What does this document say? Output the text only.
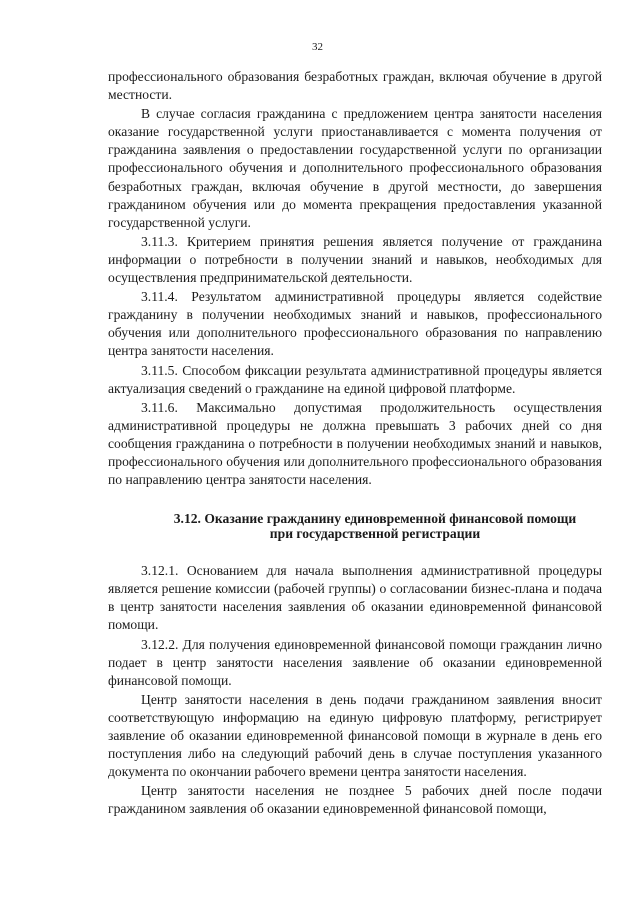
32

профессионального образования безработных граждан, включая обучение в другой местности.

В случае согласия гражданина с предложением центра занятости населения оказание государственной услуги приостанавливается с момента получения от гражданина заявления о предоставлении государственной услуги по организации профессионального обучения и дополнительного профессионального образования безработных граждан, включая обучение в другой местности, до завершения гражданином обучения или до момента прекращения предоставления указанной государственной услуги.

3.11.3. Критерием принятия решения является получение от гражданина информации о потребности в получении знаний и навыков, необходимых для осуществления предпринимательской деятельности.

3.11.4. Результатом административной процедуры является содействие гражданину в получении необходимых знаний и навыков, профессионального обучения или дополнительного профессионального образования по направлению центра занятости населения.

3.11.5. Способом фиксации результата административной процедуры является актуализация сведений о гражданине на единой цифровой платформе.

3.11.6. Максимально допустимая продолжительность осуществления административной процедуры не должна превышать 3 рабочих дней со дня сообщения гражданина о потребности в получении необходимых знаний и навыков, профессионального обучения или дополнительного профессионального образования по направлению центра занятости населения.

3.12. Оказание гражданину единовременной финансовой помощи
при государственной регистрации

3.12.1. Основанием для начала выполнения административной процедуры является решение комиссии (рабочей группы) о согласовании бизнес-плана и подача в центр занятости населения заявления об оказании единовременной финансовой помощи.

3.12.2. Для получения единовременной финансовой помощи гражданин лично подает в центр занятости населения заявление об оказании единовременной финансовой помощи.

Центр занятости населения в день подачи гражданином заявления вносит соответствующую информацию на единую цифровую платформу, регистрирует заявление об оказании единовременной финансовой помощи в журнале в день его поступления либо на следующий рабочий день в случае поступления указанного документа по окончании рабочего времени центра занятости населения.

Центр занятости населения не позднее 5 рабочих дней после подачи гражданином заявления об оказании единовременной финансовой помощи,
